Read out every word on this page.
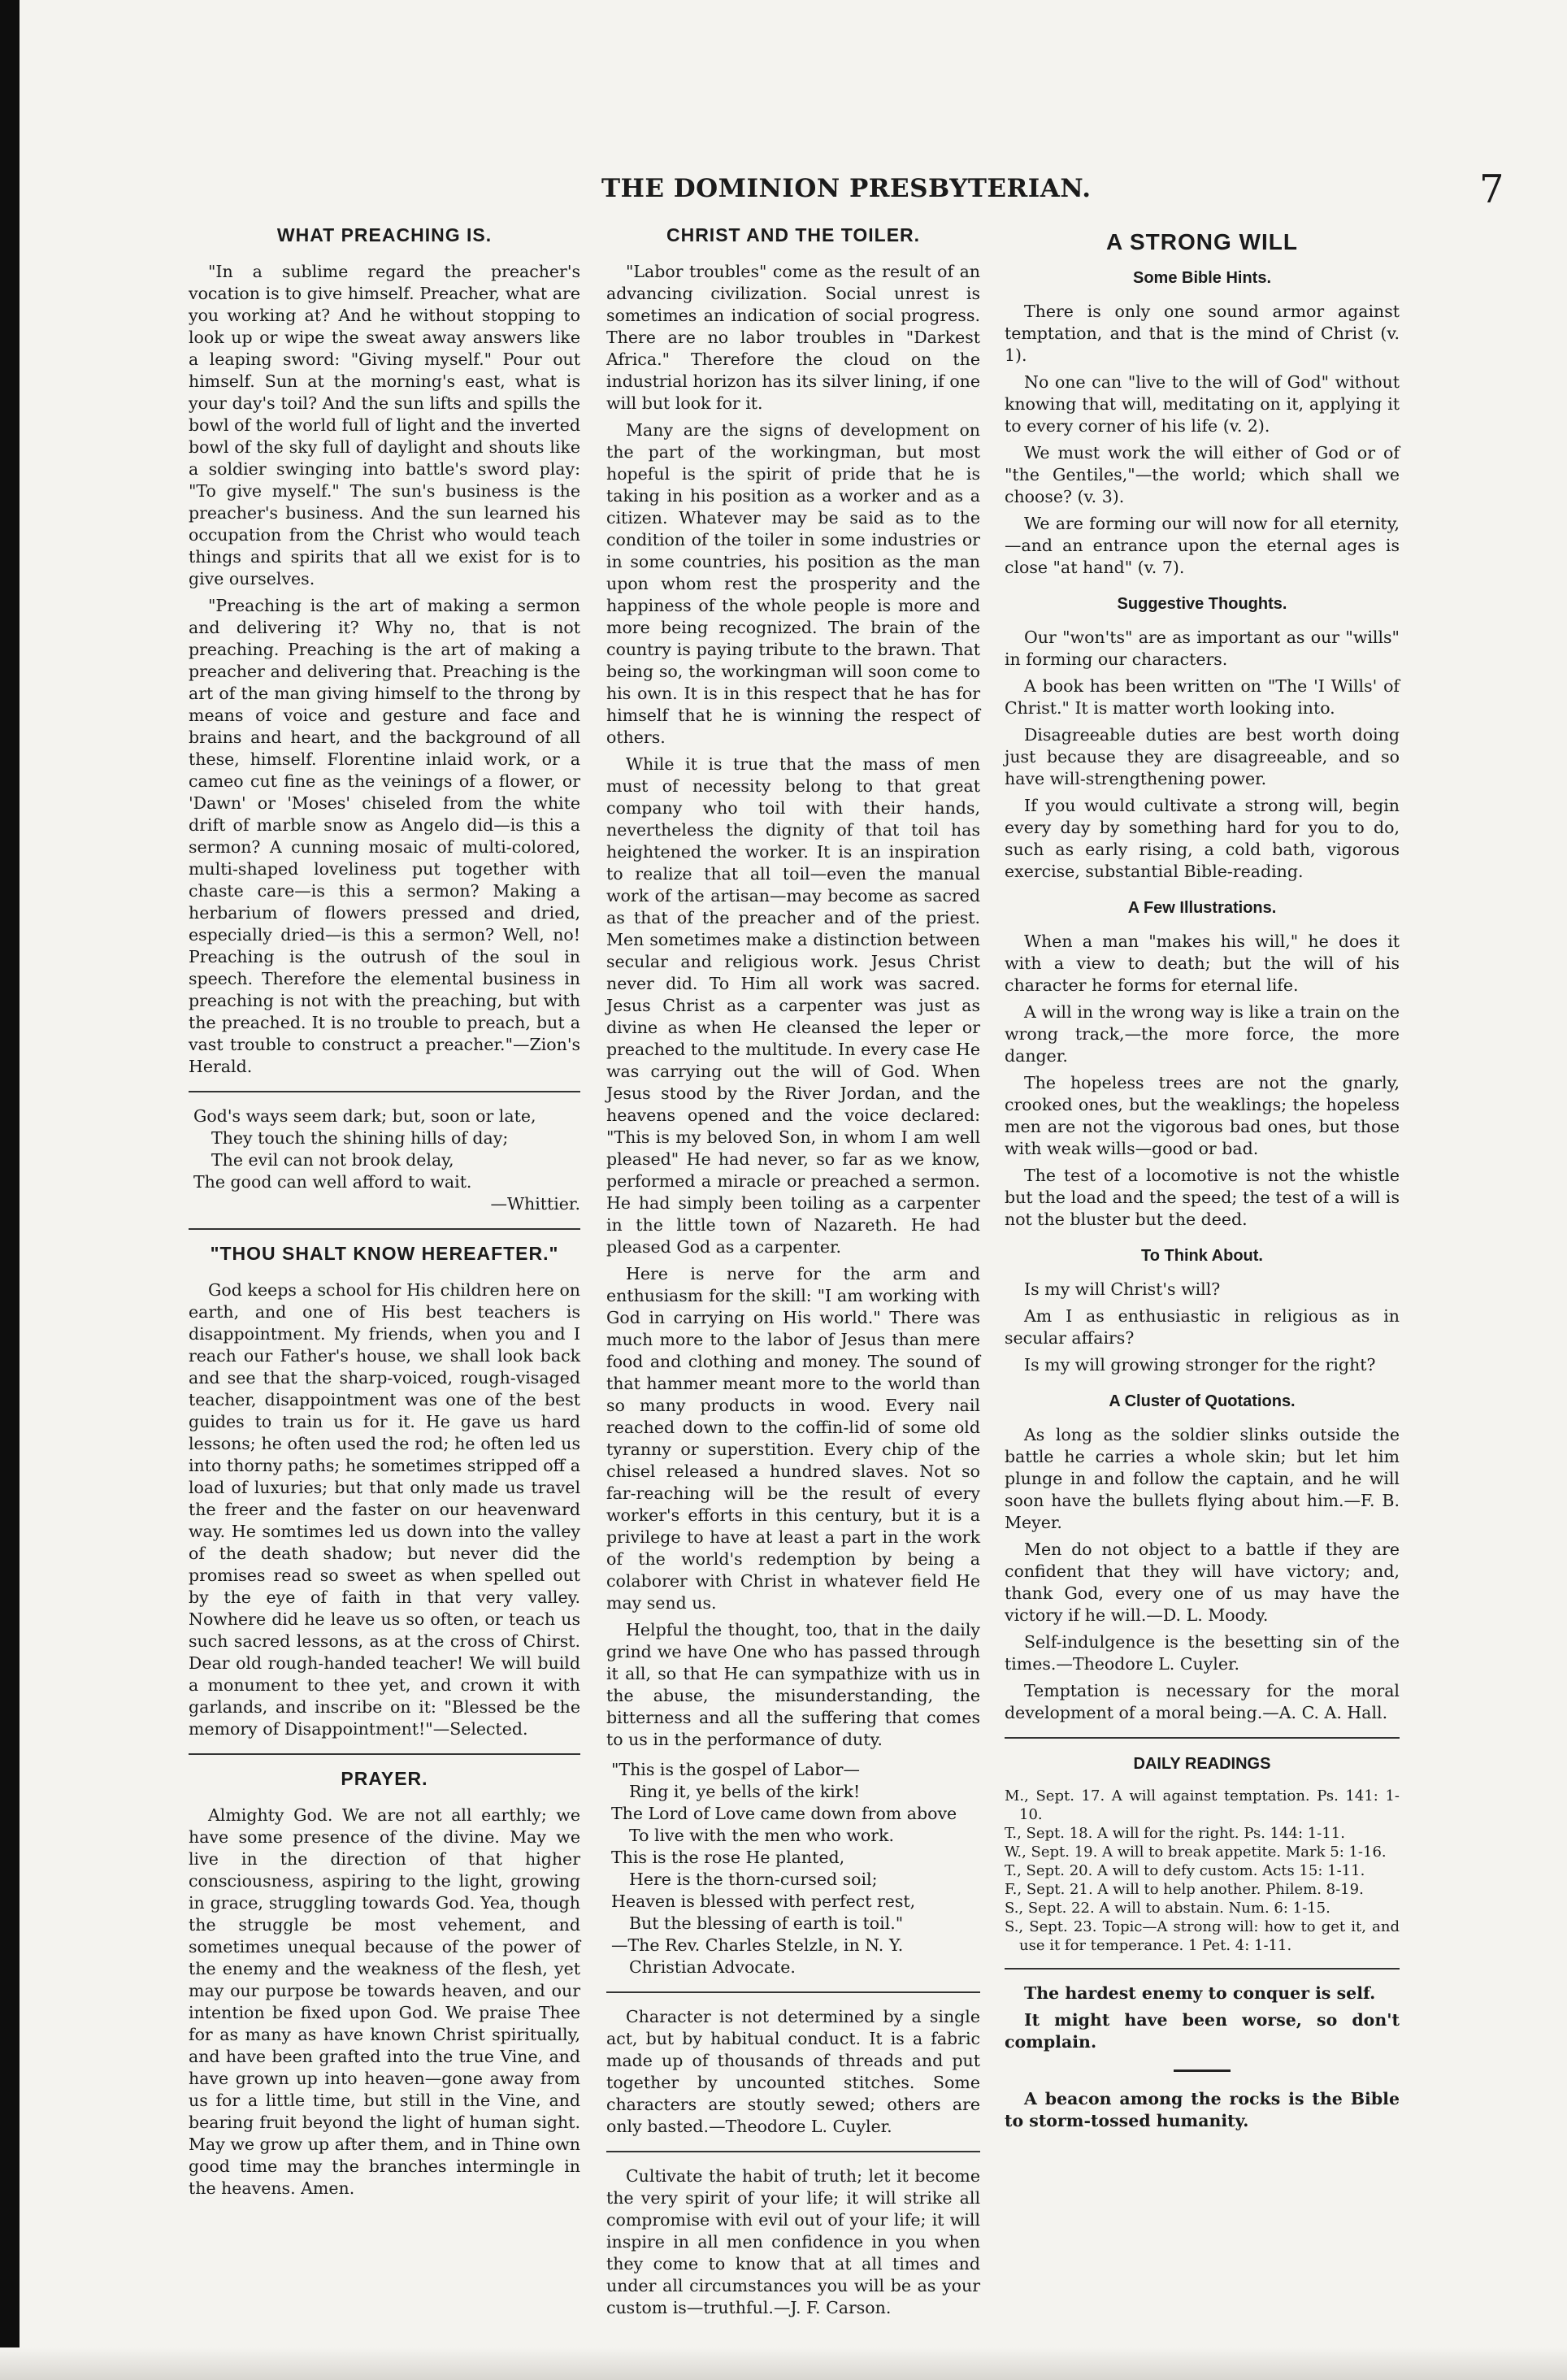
THE DOMINION PRESBYTERIAN.	7
WHAT PREACHING IS.

"In a sublime regard the preacher's vocation is to give himself. Preacher, what are you working at? And he without stopping to look up or wipe the sweat away answers like a leaping sword: "Giving myself." Pour out himself. Sun at the morning's east, what is your day's toil? And the sun lifts and spills the bowl of the world full of light and the inverted bowl of the sky full of daylight and shouts like a soldier swinging into battle's sword play: "To give myself." The sun's business is the preacher's business. And the sun learned his occupation from the Christ who would teach things and spirits that all we exist for is to give ourselves.

"Preaching is the art of making a sermon and delivering it? Why no, that is not preaching. Preaching is the art of making a preacher and delivering that. Preaching is the art of the man giving himself to the throng by means of voice and gesture and face and brains and heart, and the background of all these, himself. Florentine inlaid work, or a cameo cut fine as the veinings of a flower, or 'Dawn' or 'Moses' chiseled from the white drift of marble snow as Angelo did—is this a sermon? A cunning mosaic of multi-colored, multi-shaped loveliness put together with chaste care—is this a sermon? Making a herbarium of flowers pressed and dried, especially dried—is this a sermon? Well, no! Preaching is the outrush of the soul in speech. Therefore the elemental business in preaching is not with the preaching, but with the preached. It is no trouble to preach, but a vast trouble to construct a preacher."—Zion's Herald.

God's ways seem dark; but, soon or late,
They touch the shining hills of day;
The evil can not brook delay,
The good can well afford to wait.
—Whittier.
"THOU SHALT KNOW HEREAFTER."

God keeps a school for His children here on earth, and one of His best teachers is disappointment. My friends, when you and I reach our Father's house, we shall look back and see that the sharp-voiced, rough-visaged teacher, disappointment was one of the best guides to train us for it. He gave us hard lessons; he often used the rod; he often led us into thorny paths; he sometimes stripped off a load of luxuries; but that only made us travel the freer and the faster on our heavenward way. He somtimes led us down into the valley of the death shadow; but never did the promises read so sweet as when spelled out by the eye of faith in that very valley. Nowhere did he leave us so often, or teach us such sacred lessons, as at the cross of Chirst. Dear old rough-handed teacher! We will build a monument to thee yet, and crown it with garlands, and inscribe on it: "Blessed be the memory of Disappointment!"—Selected.

PRAYER.

Almighty God. We are not all earthly; we have some presence of the divine. May we live in the direction of that higher consciousness, aspiring to the light, growing in grace, struggling towards God. Yea, though the struggle be most vehement, and sometimes unequal because of the power of the enemy and the weakness of the flesh, yet may our purpose be towards heaven, and our intention be fixed upon God. We praise Thee for as many as have known Christ spiritually, and have been grafted into the true Vine, and have grown up into heaven—gone away from us for a little time, but still in the Vine, and bearing fruit beyond the light of human sight. May we grow up after them, and in Thine own good time may the branches intermingle in the heavens. Amen.

CHRIST AND THE TOILER.

"Labor troubles" come as the result of an advancing civilization. Social unrest is sometimes an indication of social progress. There are no labor troubles in "Darkest Africa." Therefore the cloud on the industrial horizon has its silver lining, if one will but look for it.

Many are the signs of development on the part of the workingman, but most hopeful is the spirit of pride that he is taking in his position as a worker and as a citizen. Whatever may be said as to the condition of the toiler in some industries or in some countries, his position as the man upon whom rest the prosperity and the happiness of the whole people is more and more being recognized. The brain of the country is paying tribute to the brawn. That being so, the workingman will soon come to his own. It is in this respect that he has for himself that he is winning the respect of others.

While it is true that the mass of men must of necessity belong to that great company who toil with their hands, nevertheless the dignity of that toil has heightened the worker. It is an inspiration to realize that all toil—even the manual work of the artisan—may become as sacred as that of the preacher and of the priest. Men sometimes make a distinction between secular and religious work. Jesus Christ never did. To Him all work was sacred. Jesus Christ as a carpenter was just as divine as when He cleansed the leper or preached to the multitude. In every case He was carrying out the will of God. When Jesus stood by the River Jordan, and the heavens opened and the voice declared: "This is my beloved Son, in whom I am well pleased" He had never, so far as we know, performed a miracle or preached a sermon. He had simply been toiling as a carpenter in the little town of Nazareth. He had pleased God as a carpenter.

Here is nerve for the arm and enthusiasm for the skill: "I am working with God in carrying on His world." There was much more to the labor of Jesus than mere food and clothing and money. The sound of that hammer meant more to the world than so many products in wood. Every nail reached down to the coffin-lid of some old tyranny or superstition. Every chip of the chisel released a hundred slaves. Not so far-reaching will be the result of every worker's efforts in this century, but it is a privilege to have at least a part in the work of the world's redemption by being a colaborer with Christ in whatever field He may send us.

Helpful the thought, too, that in the daily grind we have One who has passed through it all, so that He can sympathize with us in the abuse, the misunderstanding, the bitterness and all the suffering that comes to us in the performance of duty.

"This is the gospel of Labor—
Ring it, ye bells of the kirk!
The Lord of Love came down from above
To live with the men who work.
This is the rose He planted,
Here is the thorn-cursed soil;
Heaven is blessed with perfect rest,
But the blessing of earth is toil."
—The Rev. Charles Stelzle, in N. Y.
Christian Advocate.

Character is not determined by a single act, but by habitual conduct. It is a fabric made up of thousands of threads and put together by uncounted stitches. Some characters are stoutly sewed; others are only basted.—Theodore L. Cuyler.

Cultivate the habit of truth; let it become the very spirit of your life; it will strike all compromise with evil out of your life; it will inspire in all men confidence in you when they come to know that at all times and under all circumstances you will be as your custom is—truthful.—J. F. Carson.

A STRONG WILL
Some Bible Hints.

There is only one sound armor against temptation, and that is the mind of Christ (v. 1).

No one can "live to the will of God" without knowing that will, meditating on it, applying it to every corner of his life (v. 2).

We must work the will either of God or of "the Gentiles,"—the world; which shall we choose? (v. 3).

We are forming our will now for all eternity,—and an entrance upon the eternal ages is close "at hand" (v. 7).

Suggestive Thoughts.

Our "won'ts" are as important as our "wills" in forming our characters.

A book has been written on "The 'I Wills' of Christ." It is matter worth looking into.

Disagreeable duties are best worth doing just because they are disagreeable, and so have will-strengthening power.

If you would cultivate a strong will, begin every day by something hard for you to do, such as early rising, a cold bath, vigorous exercise, substantial Bible-reading.

A Few Illustrations.

When a man "makes his will," he does it with a view to death; but the will of his character he forms for eternal life.

A will in the wrong way is like a train on the wrong track,—the more force, the more danger.

The hopeless trees are not the gnarly, crooked ones, but the weaklings; the hopeless men are not the vigorous bad ones, but those with weak wills—good or bad.

The test of a locomotive is not the whistle but the load and the speed; the test of a will is not the bluster but the deed.

To Think About.

Is my will Christ's will?

Am I as enthusiastic in religious as in secular affairs?

Is my will growing stronger for the right?

A Cluster of Quotations.

As long as the soldier slinks outside the battle he carries a whole skin; but let him plunge in and follow the captain, and he will soon have the bullets flying about him.—F. B. Meyer.

Men do not object to a battle if they are confident that they will have victory; and, thank God, every one of us may have the victory if he will.—D. L. Moody.

Self-indulgence is the besetting sin of the times.—Theodore L. Cuyler.

Temptation is necessary for the moral development of a moral being.—A. C. A. Hall.

DAILY READINGS
M., Sept. 17. A will against temptation. Ps. 141: 1-10.
T., Sept. 18. A will for the right. Ps. 144: 1-11.
W., Sept. 19. A will to break appetite. Mark 5: 1-16.
T., Sept. 20. A will to defy custom. Acts 15: 1-11.
F., Sept. 21. A will to help another. Philem. 8-19.
S., Sept. 22. A will to abstain. Num. 6: 1-15.
S., Sept. 23. Topic—A strong will: how to get it, and use it for temperance. 1 Pet. 4: 1-11.

The hardest enemy to conquer is self.

It might have been worse, so don't complain.

A beacon among the rocks is the Bible to storm-tossed humanity.
